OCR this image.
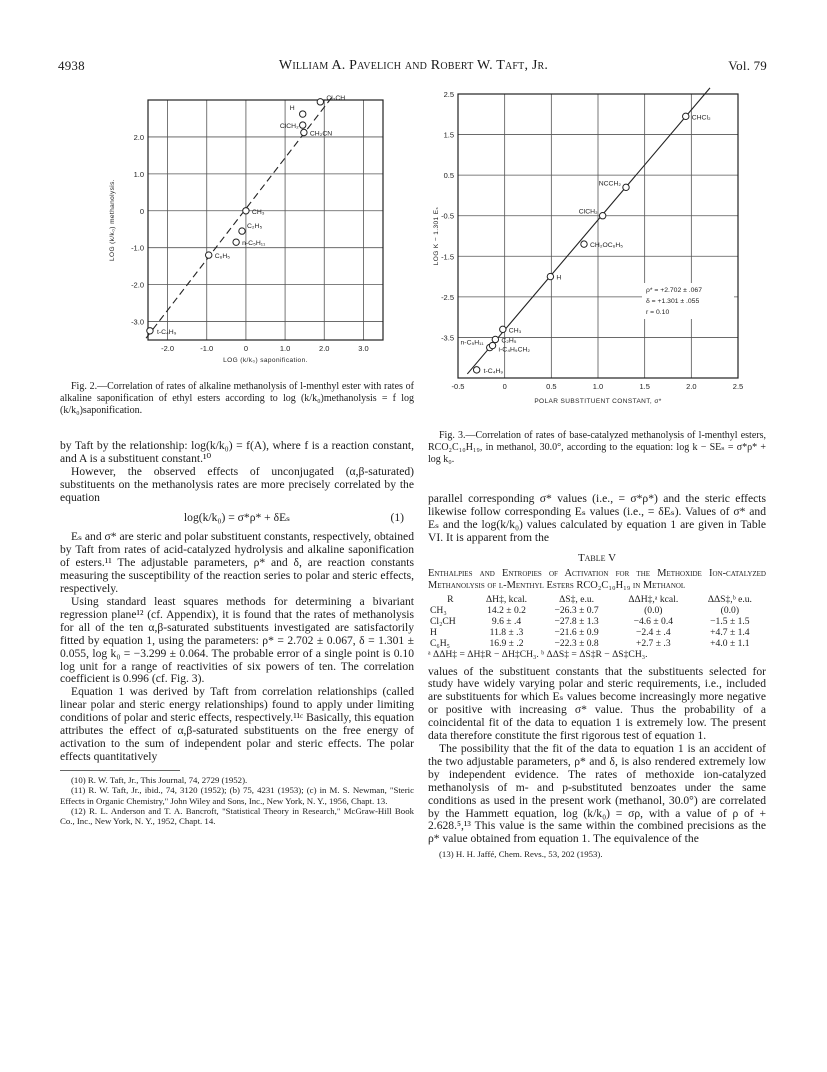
4938	William A. Pavelich and Robert W. Taft, Jr.	Vol. 79
-2.0	-1.0	0	1.0	2.0	3.0
2.0
1.0
0
-1.0
-2.0
-3.0
LOG (k/k₀) saponification.
LOG (k/k₀) methanolysis.
Cl₂CH
H
ClCH₂
CH₂CN
CH₃
C₂H₅
n-C₅H₁₁
C₆H₅
t-C₄H₉

Fig. 2.—Correlation of rates of alkaline methanolysis of l-menthyl ester with rates of alkaline saponification of ethyl esters according to log (k/k₀)methanolysis = f log (k/k₀)saponification.

-0.5	0	0.5	1.0	1.5	2.0	2.5
2.5
1.5
0.5
-0.5
-1.5
-2.5
-3.5
POLAR SUBSTITUENT CONSTANT, σ*
LOG K − 1.301 Eₛ
CHCl₂
NCCH₂
ClCH₂
CH₂OC₆H₅
H
n-C₅H₁₁
CH₃
C₂H₅
i-C₄H₉CH₂
t-C₄H₉
ρ* = +2.702 ± .067
δ = +1.301 ± .055
r = 0.10

Fig. 3.—Correlation of rates of base-catalyzed methanolysis of l-menthyl esters, RCO₂C₁₀H₁₉, in methanol, 30.0°, according to the equation: log k − SEₛ = σ*ρ* + log k₀.

by Taft by the relationship: log(k/k₀) = f(A), where f is a reaction constant, and A is a substituent constant.¹⁰

However, the observed effects of unconjugated (α,β-saturated) substituents on the methanolysis rates are more precisely correlated by the equation

log(k/k₀) = σ*ρ* + δEₛ	(1)

Eₛ and σ* are steric and polar substituent constants, respectively, obtained by Taft from rates of acid-catalyzed hydrolysis and alkaline saponification of esters.¹¹ The adjustable parameters, ρ* and δ, are reaction constants measuring the susceptibility of the reaction series to polar and steric effects, respectively.

Using standard least squares methods for determining a bivariant regression plane¹² (cf. Appendix), it is found that the rates of methanolysis for all of the ten α,β-saturated substituents investigated are satisfactorily fitted by equation 1, using the parameters: ρ* = 2.702 ± 0.067, δ = 1.301 ± 0.055, log k₀ = −3.299 ± 0.064. The probable error of a single point is 0.10 log unit for a range of reactivities of six powers of ten. The correlation coefficient is 0.996 (cf. Fig. 3).

Equation 1 was derived by Taft from correlation relationships (called linear polar and steric energy relationships) found to apply under limiting conditions of polar and steric effects, respectively.¹¹ᶜ Basically, this equation attributes the effect of α,β-saturated substituents on the free energy of activation to the sum of independent polar and steric effects. The polar effects quantitatively

(10) R. W. Taft, Jr., This Journal, 74, 2729 (1952).

(11) R. W. Taft, Jr., ibid., 74, 3120 (1952); (b) 75, 4231 (1953); (c) in M. S. Newman, "Steric Effects in Organic Chemistry," John Wiley and Sons, Inc., New York, N. Y., 1956, Chapt. 13.

(12) R. L. Anderson and T. A. Bancroft, "Statistical Theory in Research," McGraw-Hill Book Co., Inc., New York, N. Y., 1952, Chapt. 14.

parallel corresponding σ* values (i.e., = σ*ρ*) and the steric effects likewise follow corresponding Eₛ values (i.e., = δEₛ). Values of σ* and Eₛ and the log(k/k₀) values calculated by equation 1 are given in Table VI. It is apparent from the

Table V
Enthalpies and Entropies of Activation for the Methoxide Ion-catalyzed Methanolysis of l-Menthyl Esters RCO₂C₁₀H₁₉ in Methanol
R	ΔH‡, kcal.	ΔS‡, e.u.	ΔΔH‡,ᵃ kcal.	ΔΔS‡,ᵇ e.u.
CH₃	14.2 ± 0.2	−26.3 ± 0.7	(0.0)	(0.0)
Cl₂CH	9.6 ± .4	−27.8 ± 1.3	−4.6 ± 0.4	−1.5 ± 1.5
H	11.8 ± .3	−21.6 ± 0.9	−2.4 ± .4	+4.7 ± 1.4
C₆H₅	16.9 ± .2	−22.3 ± 0.8	+2.7 ± .3	+4.0 ± 1.1
ᵃ ΔΔH‡ = ΔH‡R − ΔH‡CH₃. ᵇ ΔΔS‡ = ΔS‡R − ΔS‡CH₃.

values of the substituent constants that the substituents selected for study have widely varying polar and steric requirements, i.e., included are substituents for which Eₛ values become increasingly more negative or positive with increasing σ* value. Thus the probability of a coincidental fit of the data to equation 1 is extremely low. The present data therefore constitute the first rigorous test of equation 1.

The possibility that the fit of the data to equation 1 is an accident of the two adjustable parameters, ρ* and δ, is also rendered extremely low by independent evidence. The rates of methoxide ion-catalyzed methanolysis of m- and p-substituted benzoates under the same conditions as used in the present work (methanol, 30.0°) are correlated by the Hammett equation, log (k/k₀) = σρ, with a value of ρ of + 2.628.⁵,¹³ This value is the same within the combined precisions as the ρ* value obtained from equation 1. The equivalence of the

(13) H. H. Jaffé, Chem. Revs., 53, 202 (1953).
